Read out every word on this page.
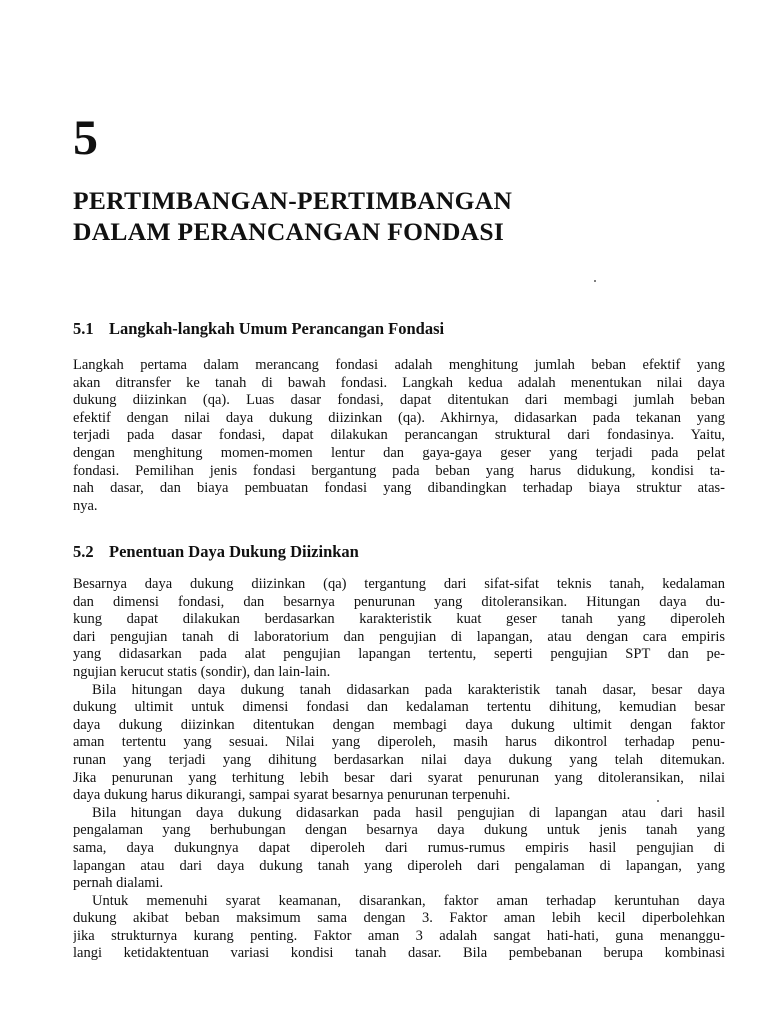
5
PERTIMBANGAN-PERTIMBANGAN
DALAM PERANCANGAN FONDASI
5.1 Langkah-langkah Umum Perancangan Fondasi

Langkah pertama dalam merancang fondasi adalah menghitung jumlah beban efektif yang
akan ditransfer ke tanah di bawah fondasi. Langkah kedua adalah menentukan nilai daya
dukung diizinkan (qa). Luas dasar fondasi, dapat ditentukan dari membagi jumlah beban
efektif dengan nilai daya dukung diizinkan (qa). Akhirnya, didasarkan pada tekanan yang
terjadi pada dasar fondasi, dapat dilakukan perancangan struktural dari fondasinya. Yaitu,
dengan menghitung momen-momen lentur dan gaya-gaya geser yang terjadi pada pelat
fondasi. Pemilihan jenis fondasi bergantung pada beban yang harus didukung, kondisi ta-
nah dasar, dan biaya pembuatan fondasi yang dibandingkan terhadap biaya struktur atas-
nya.

5.2 Penentuan Daya Dukung Diizinkan

Besarnya daya dukung diizinkan (qa) tergantung dari sifat-sifat teknis tanah, kedalaman
dan dimensi fondasi, dan besarnya penurunan yang ditoleransikan. Hitungan daya du-
kung dapat dilakukan berdasarkan karakteristik kuat geser tanah yang diperoleh
dari pengujian tanah di laboratorium dan pengujian di lapangan, atau dengan cara empiris
yang didasarkan pada alat pengujian lapangan tertentu, seperti pengujian SPT dan pe-
ngujian kerucut statis (sondir), dan lain-lain.

Bila hitungan daya dukung tanah didasarkan pada karakteristik tanah dasar, besar daya
dukung ultimit untuk dimensi fondasi dan kedalaman tertentu dihitung, kemudian besar
daya dukung diizinkan ditentukan dengan membagi daya dukung ultimit dengan faktor
aman tertentu yang sesuai. Nilai yang diperoleh, masih harus dikontrol terhadap penu-
runan yang terjadi yang dihitung berdasarkan nilai daya dukung yang telah ditemukan.
Jika penurunan yang terhitung lebih besar dari syarat penurunan yang ditoleransikan, nilai
daya dukung harus dikurangi, sampai syarat besarnya penurunan terpenuhi.

Bila hitungan daya dukung didasarkan pada hasil pengujian di lapangan atau dari hasil
pengalaman yang berhubungan dengan besarnya daya dukung untuk jenis tanah yang
sama, daya dukungnya dapat diperoleh dari rumus-rumus empiris hasil pengujian di
lapangan atau dari daya dukung tanah yang diperoleh dari pengalaman di lapangan, yang
pernah dialami.

Untuk memenuhi syarat keamanan, disarankan, faktor aman terhadap keruntuhan daya
dukung akibat beban maksimum sama dengan 3. Faktor aman lebih kecil diperbolehkan
jika strukturnya kurang penting. Faktor aman 3 adalah sangat hati-hati, guna menanggu-
langi ketidaktentuan variasi kondisi tanah dasar. Bila pembebanan berupa kombinasi
